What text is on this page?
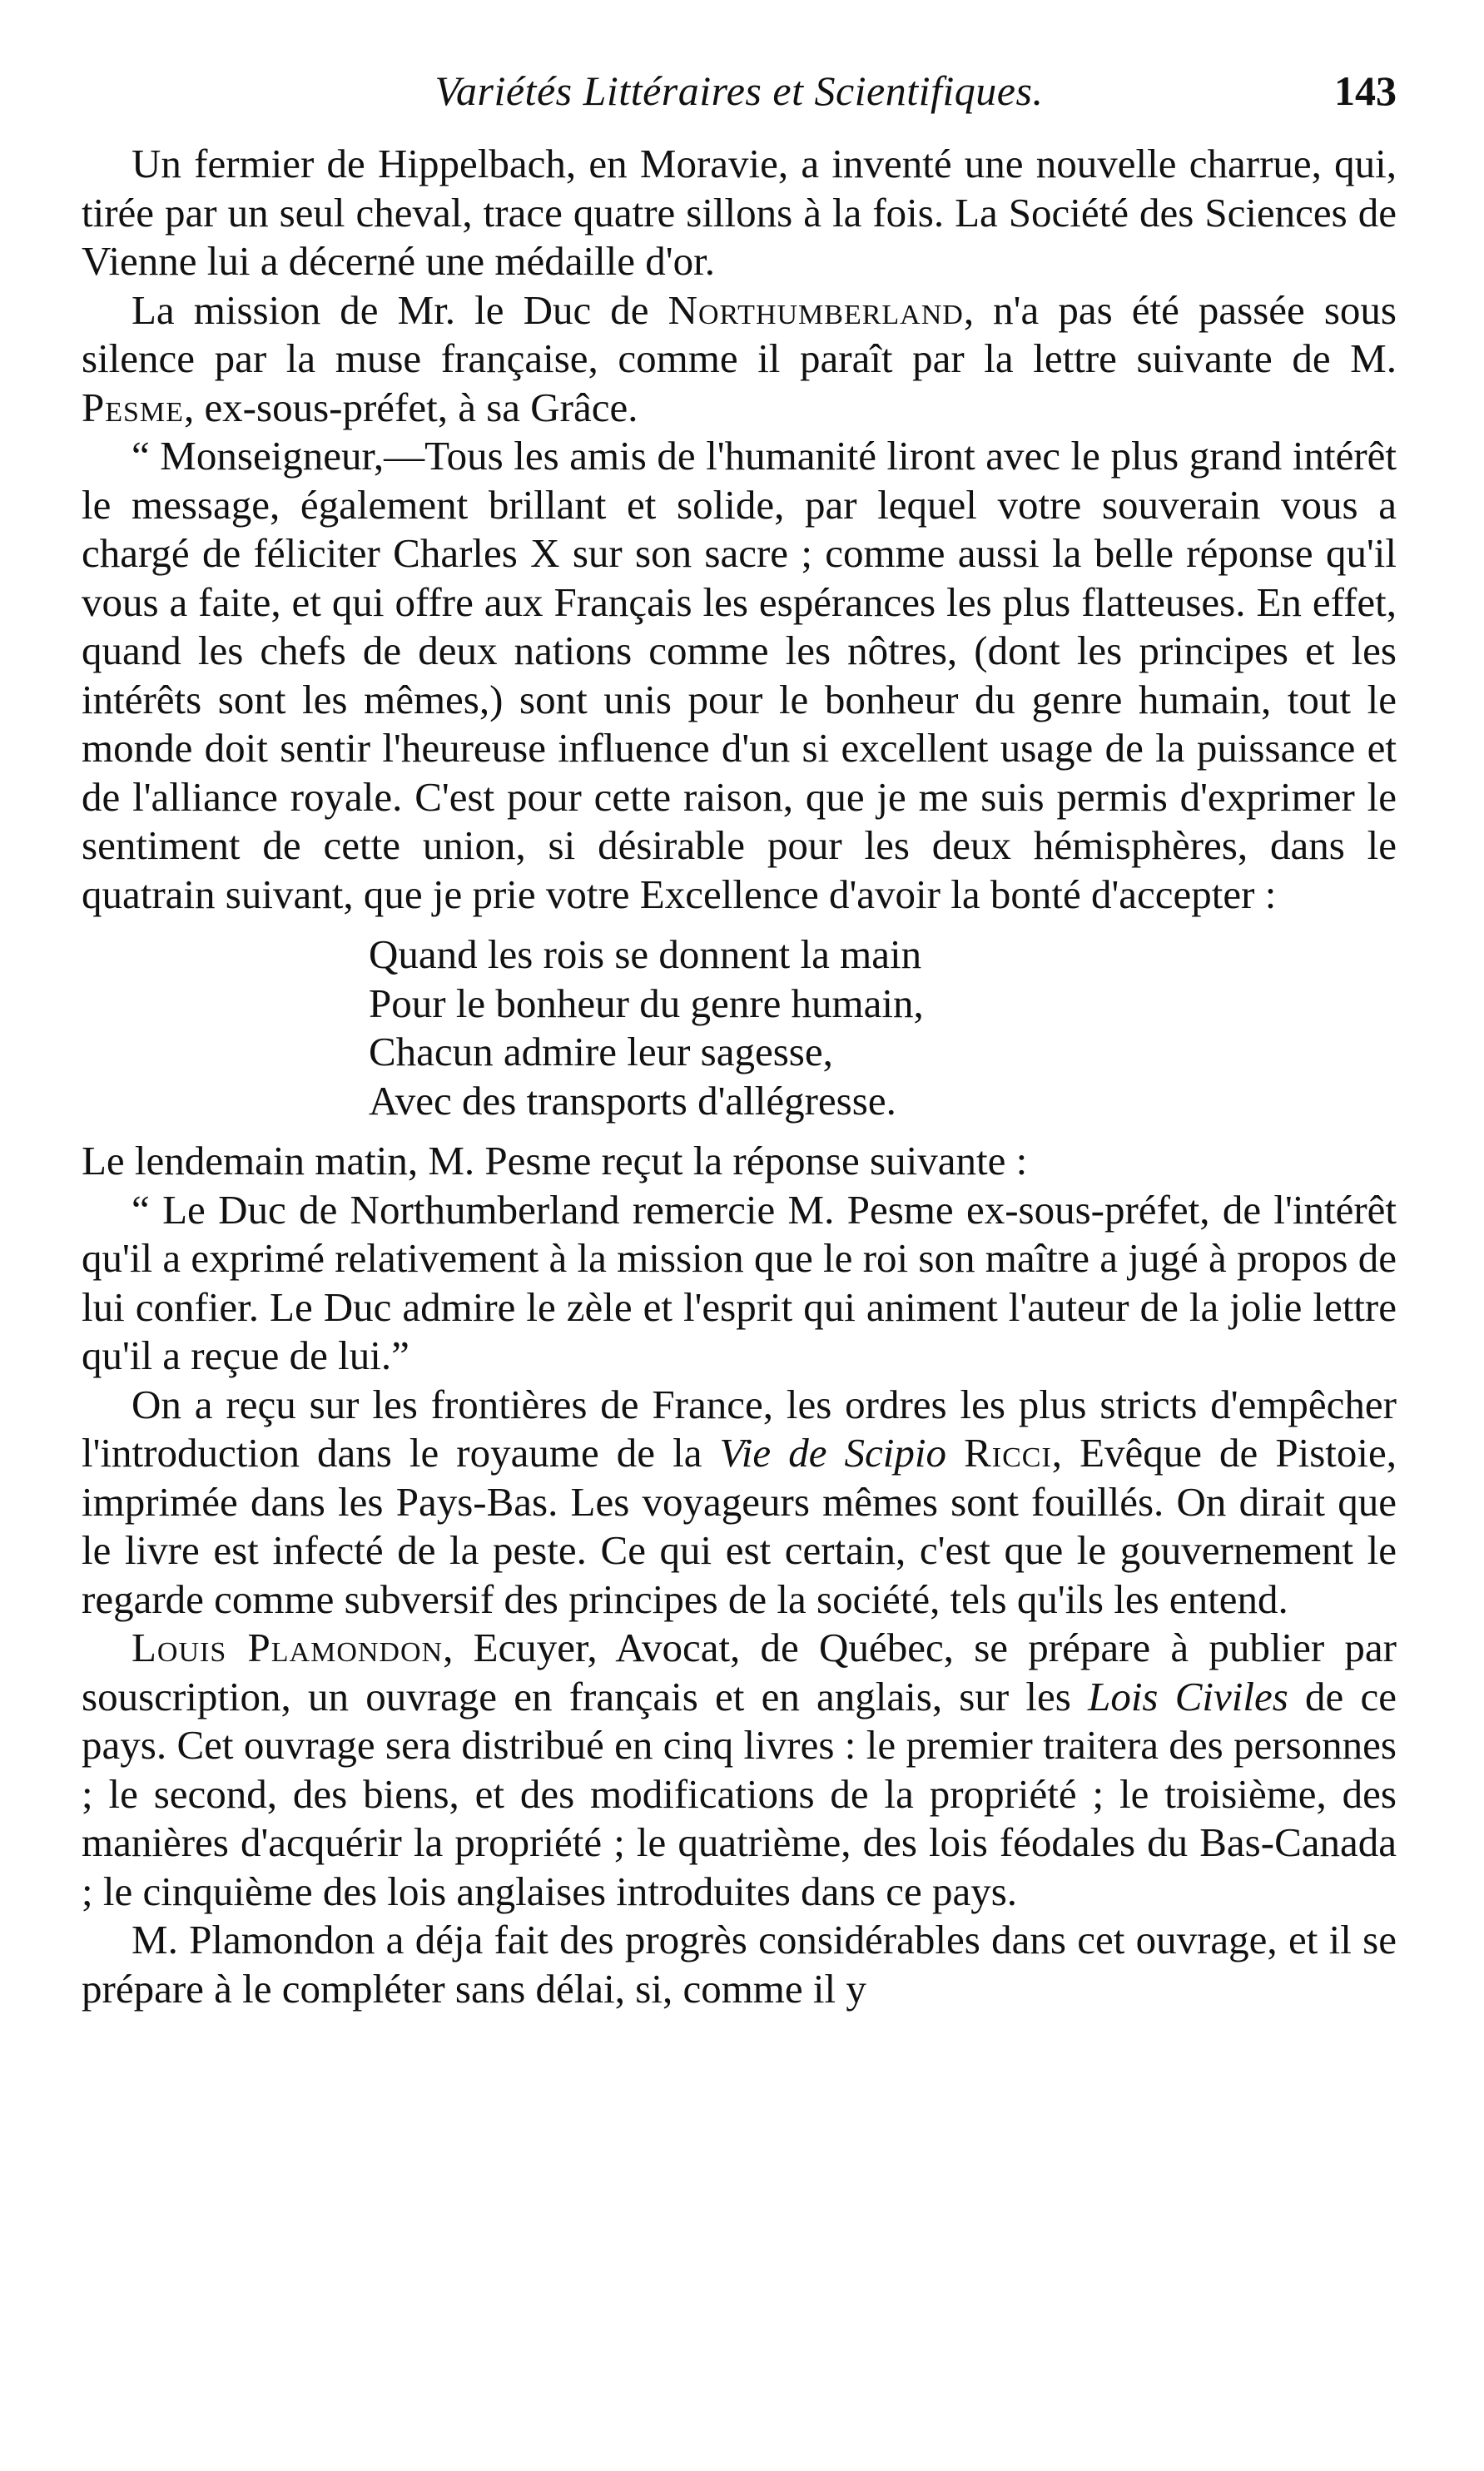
Variétés Littéraires et Scientifiques.	143

Un fermier de Hippelbach, en Moravie, a inventé une nouvelle charrue, qui, tirée par un seul cheval, trace quatre sillons à la fois. La Société des Sciences de Vienne lui a décerné une médaille d'or.

La mission de Mr. le Duc de Northumberland, n'a pas été passée sous silence par la muse française, comme il paraît par la lettre suivante de M. Pesme, ex-sous-préfet, à sa Grâce.

“ Monseigneur,—Tous les amis de l'humanité liront avec le plus grand intérêt le message, également brillant et solide, par lequel votre souverain vous a chargé de féliciter Charles X sur son sacre ; comme aussi la belle réponse qu'il vous a faite, et qui offre aux Français les espérances les plus flatteuses. En effet, quand les chefs de deux nations comme les nôtres, (dont les principes et les intérêts sont les mêmes,) sont unis pour le bonheur du genre humain, tout le monde doit sentir l'heureuse influence d'un si excellent usage de la puissance et de l'alliance royale. C'est pour cette raison, que je me suis permis d'exprimer le sentiment de cette union, si désirable pour les deux hémisphères, dans le quatrain suivant, que je prie votre Excellence d'avoir la bonté d'accepter :

Quand les rois se donnent la main
Pour le bonheur du genre humain,
Chacun admire leur sagesse,
Avec des transports d'allégresse.

Le lendemain matin, M. Pesme reçut la réponse suivante :

“ Le Duc de Northumberland remercie M. Pesme ex-sous-préfet, de l'intérêt qu'il a exprimé relativement à la mission que le roi son maître a jugé à propos de lui confier. Le Duc admire le zèle et l'esprit qui animent l'auteur de la jolie lettre qu'il a reçue de lui.”

On a reçu sur les frontières de France, les ordres les plus stricts d'empêcher l'introduction dans le royaume de la Vie de Scipio Ricci, Evêque de Pistoie, imprimée dans les Pays-Bas. Les voyageurs mêmes sont fouillés. On dirait que le livre est infecté de la peste. Ce qui est certain, c'est que le gouvernement le regarde comme subversif des principes de la société, tels qu'ils les entend.

Louis Plamondon, Ecuyer, Avocat, de Québec, se prépare à publier par souscription, un ouvrage en français et en anglais, sur les Lois Civiles de ce pays. Cet ouvrage sera distribué en cinq livres : le premier traitera des personnes ; le second, des biens, et des modifications de la propriété ; le troisième, des manières d'acquérir la propriété ; le quatrième, des lois féodales du Bas-Canada ; le cinquième des lois anglaises introduites dans ce pays.

M. Plamondon a déja fait des progrès considérables dans cet ouvrage, et il se prépare à le compléter sans délai, si, comme il y
